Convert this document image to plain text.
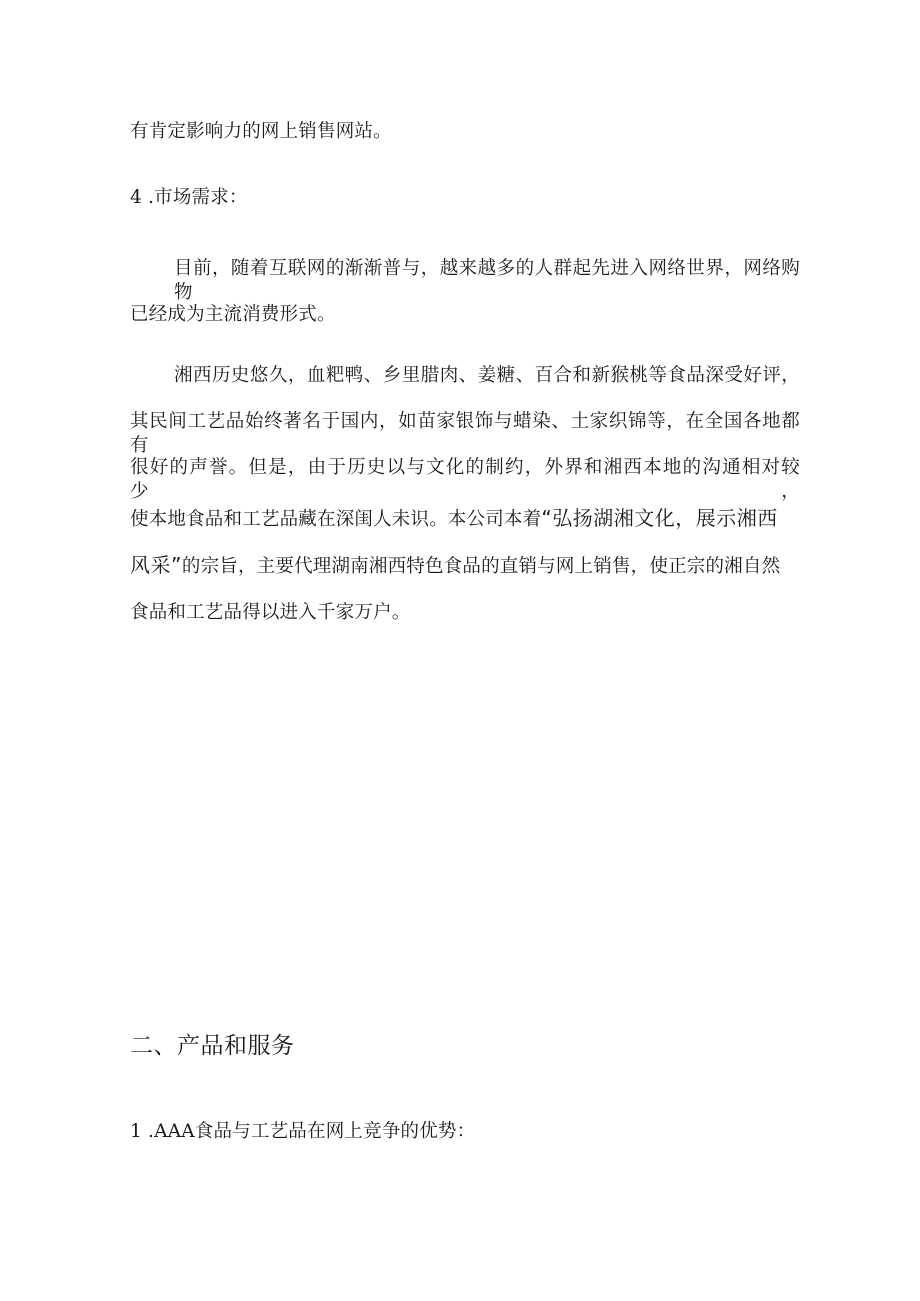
有肯定影响力的网上销售网站。
4 .市场需求：
目前，随着互联网的渐渐普与，越来越多的人群起先进入网络世界，网络购物
已经成为主流消费形式。
湘西历史悠久，血粑鸭、乡里腊肉、姜糖、百合和新猴桃等食品深受好评，
其民间工艺品始终著名于国内，如苗家银饰与蜡染、土家织锦等，在全国各地都有
很好的声誉。但是，由于历史以与文化的制约，外界和湘西本地的沟通相对较少，
使本地食品和工艺品藏在深闺人未识。本公司本着“弘扬湖湘文化，展示湘西
风采”的宗旨，主要代理湖南湘西特色食品的直销与网上销售，使正宗的湘自然
食品和工艺品得以进入千家万户。
二、产品和服务
1 .AAA食品与工艺品在网上竞争的优势：
